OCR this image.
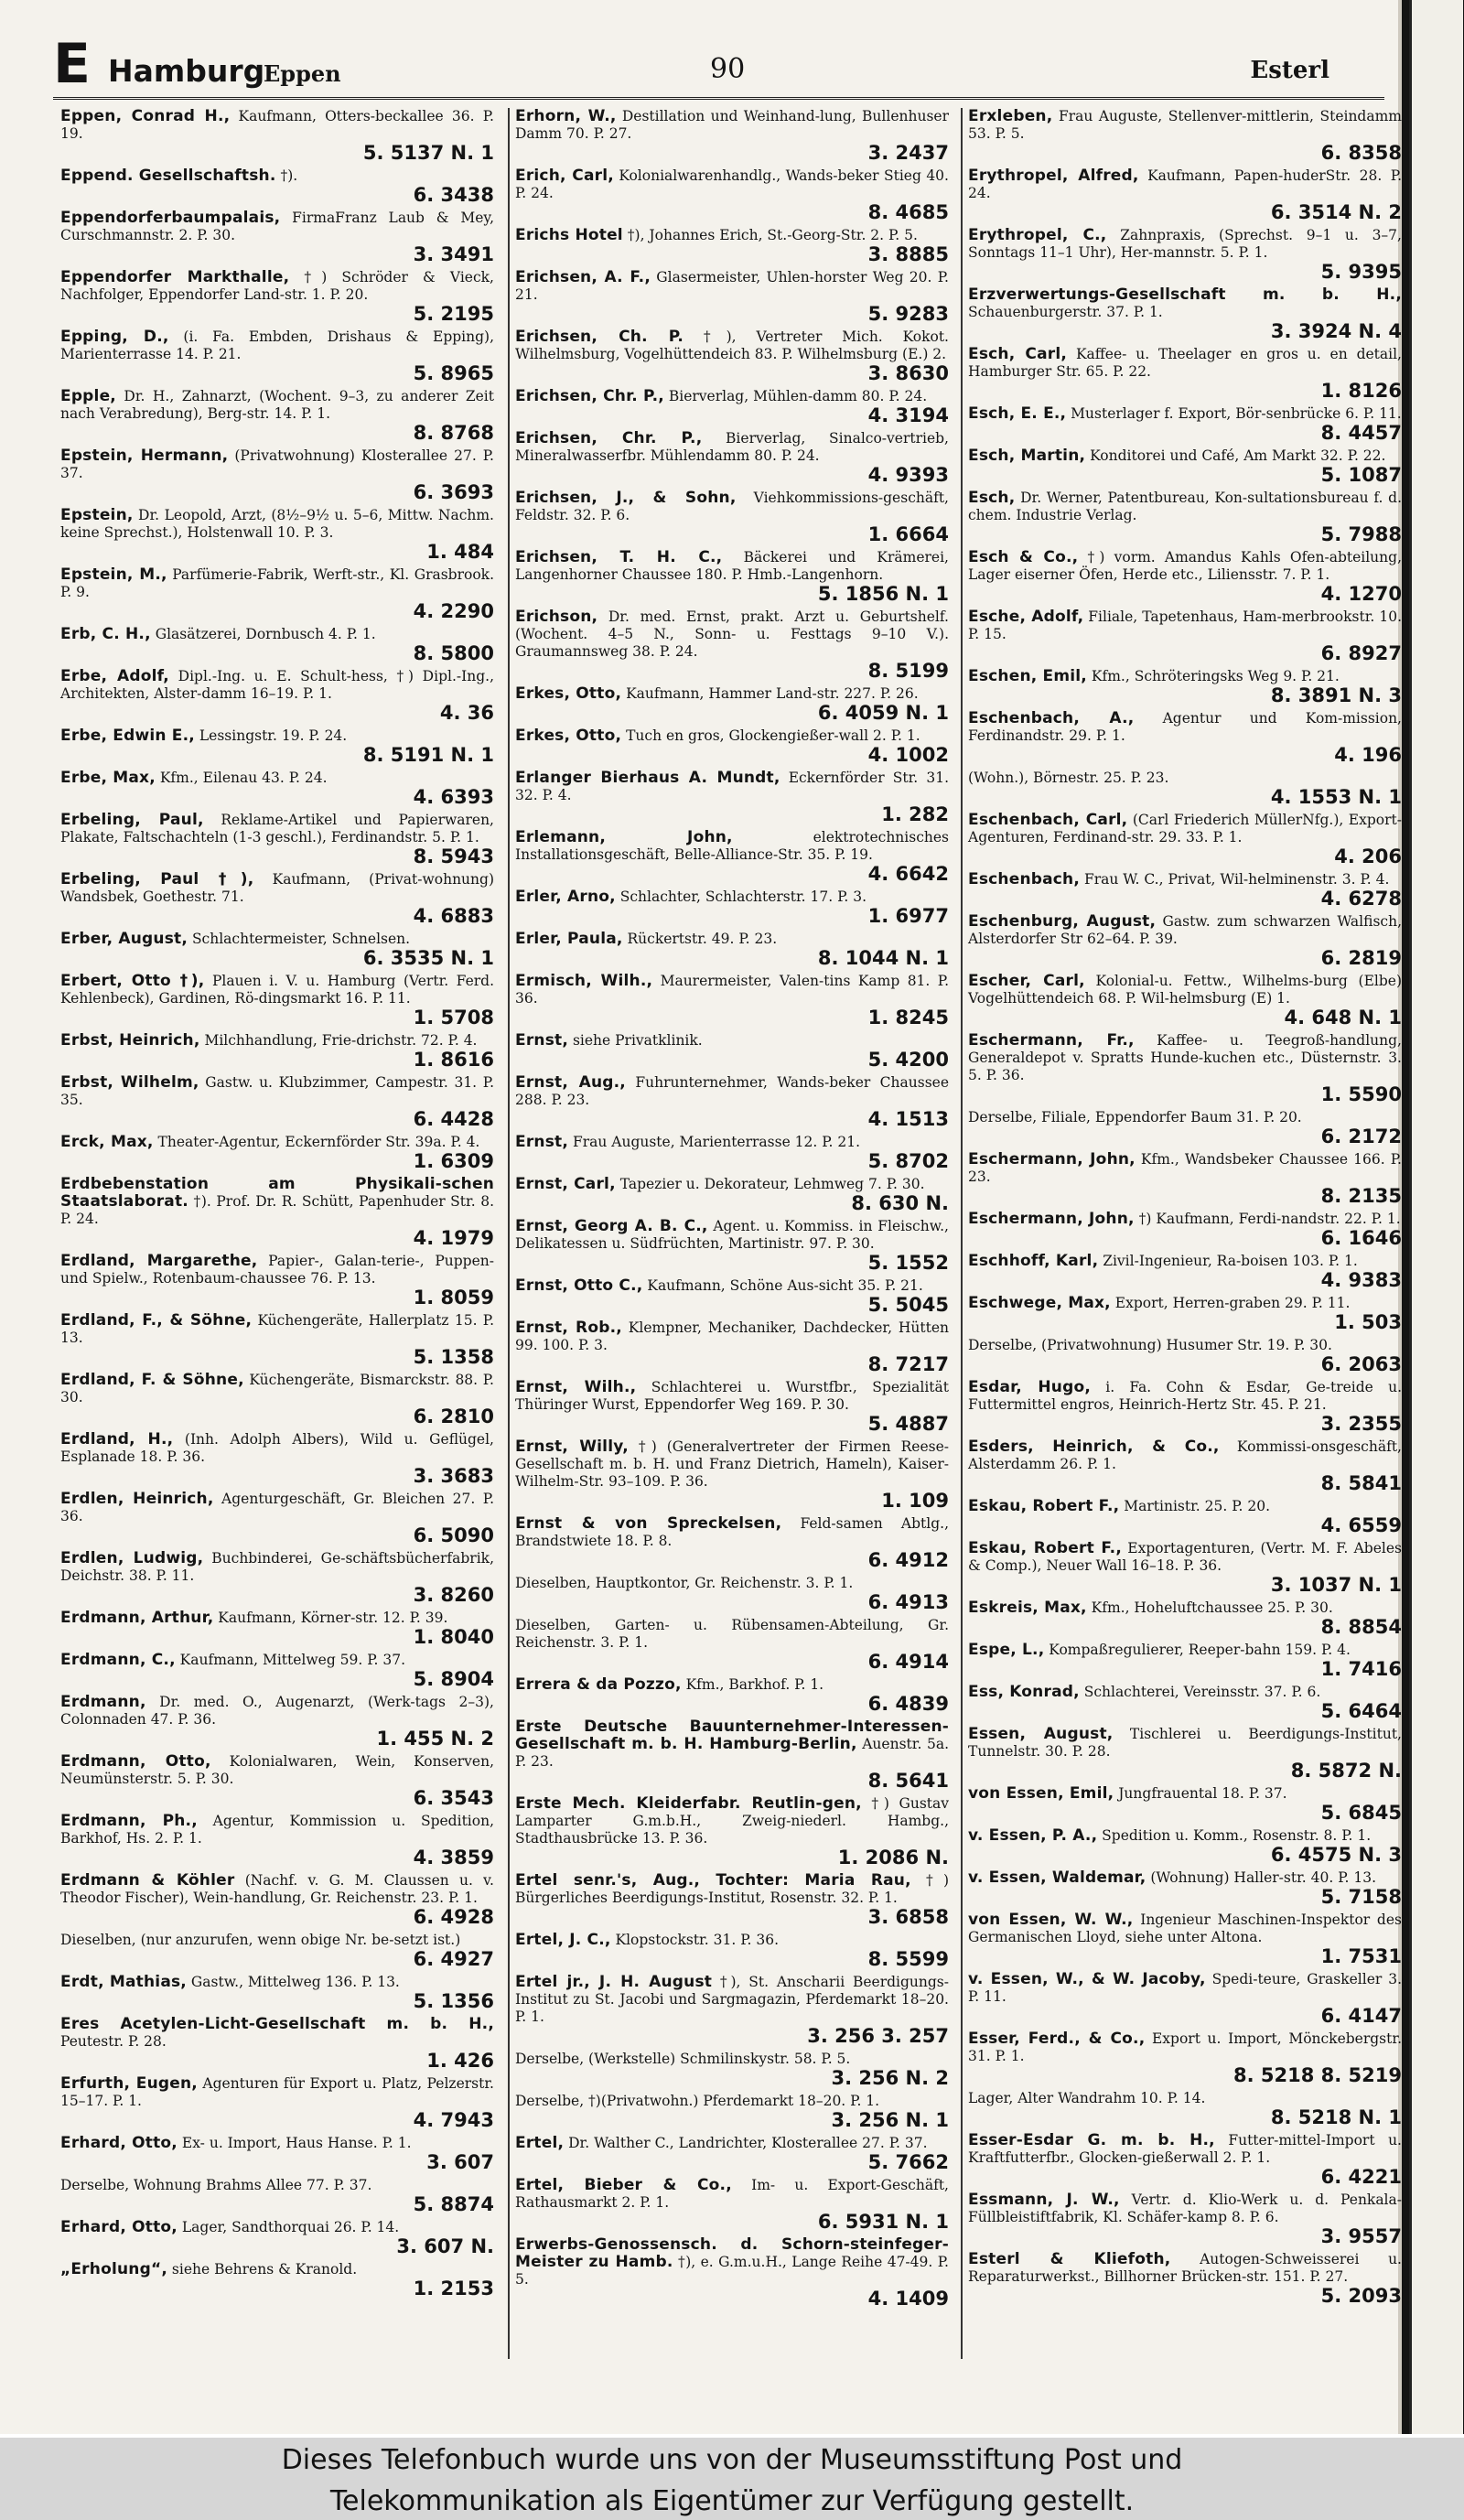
E Hamburg
Eppen	90	Esterl
Eppen, Conrad H., Kaufmann, Otters-beckallee 36. P. 19.
5. 5137 N. 1
Eppend. Gesellschaftsh. †).
6. 3438
Eppendorferbaumpalais, FirmaFranz Laub & Mey, Curschmannstr. 2. P. 30.
3. 3491
Eppendorfer Markthalle, †) Schröder & Vieck, Nachfolger, Eppendorfer Land-str. 1. P. 20.
5. 2195
Epping, D., (i. Fa. Embden, Drishaus & Epping), Marienterrasse 14. P. 21.
5. 8965
Epple, Dr. H., Zahnarzt, (Wochent. 9–3, zu anderer Zeit nach Verabredung), Berg-str. 14. P. 1.
8. 8768
Epstein, Hermann, (Privatwohnung) Klosterallee 27. P. 37.
6. 3693
Epstein, Dr. Leopold, Arzt, (8½–9½ u. 5–6, Mittw. Nachm. keine Sprechst.), Holstenwall 10. P. 3.
1. 484
Epstein, M., Parfümerie-Fabrik, Werft-str., Kl. Grasbrook. P. 9.
4. 2290
Erb, C. H., Glasätzerei, Dornbusch 4. P. 1.
8. 5800
Erbe, Adolf, Dipl.-Ing. u. E. Schult-hess, †) Dipl.-Ing., Architekten, Alster-damm 16–19. P. 1.
4. 36
Erbe, Edwin E., Lessingstr. 19. P. 24.
8. 5191 N. 1
Erbe, Max, Kfm., Eilenau 43. P. 24.
4. 6393
Erbeling, Paul, Reklame-Artikel und Papierwaren, Plakate, Faltschachteln (1-3 geschl.), Ferdinandstr. 5. P. 1.
8. 5943
Erbeling, Paul †), Kaufmann, (Privat-wohnung) Wandsbek, Goethestr. 71.
4. 6883
Erber, August, Schlachtermeister, Schnelsen.
6. 3535 N. 1
Erbert, Otto †), Plauen i. V. u. Hamburg (Vertr. Ferd. Kehlenbeck), Gardinen, Rö-dingsmarkt 16. P. 11.
1. 5708
Erbst, Heinrich, Milchhandlung, Frie-drichstr. 72. P. 4.
1. 8616
Erbst, Wilhelm, Gastw. u. Klubzimmer, Campestr. 31. P. 35.
6. 4428
Erck, Max, Theater-Agentur, Eckernförder Str. 39a. P. 4.
1. 6309
Erdbebenstation am Physikali-schen Staatslaborat. †). Prof. Dr. R. Schütt, Papenhuder Str. 8. P. 24.
4. 1979
Erdland, Margarethe, Papier-, Galan-terie-, Puppen- und Spielw., Rotenbaum-chaussee 76. P. 13.
1. 8059
Erdland, F., & Söhne, Küchengeräte, Hallerplatz 15. P. 13.
5. 1358
Erdland, F. & Söhne, Küchengeräte, Bismarckstr. 88. P. 30.
6. 2810
Erdland, H., (Inh. Adolph Albers), Wild u. Geflügel, Esplanade 18. P. 36.
3. 3683
Erdlen, Heinrich, Agenturgeschäft, Gr. Bleichen 27. P. 36.
6. 5090
Erdlen, Ludwig, Buchbinderei, Ge-schäftsbücherfabrik, Deichstr. 38. P. 11.
3. 8260
Erdmann, Arthur, Kaufmann, Körner-str. 12. P. 39.
1. 8040
Erdmann, C., Kaufmann, Mittelweg 59. P. 37.
5. 8904
Erdmann, Dr. med. O., Augenarzt, (Werk-tags 2–3), Colonnaden 47. P. 36.
1. 455 N. 2
Erdmann, Otto, Kolonialwaren, Wein, Konserven, Neumünsterstr. 5. P. 30.
6. 3543
Erdmann, Ph., Agentur, Kommission u. Spedition, Barkhof, Hs. 2. P. 1.
4. 3859
Erdmann & Köhler (Nachf. v. G. M. Claussen u. v. Theodor Fischer), Wein-handlung, Gr. Reichenstr. 23. P. 1.
6. 4928
Dieselben, (nur anzurufen, wenn obige Nr. be-setzt ist.)
6. 4927
Erdt, Mathias, Gastw., Mittelweg 136. P. 13.
5. 1356
Eres Acetylen-Licht-Gesellschaft m. b. H., Peutestr. P. 28.
1. 426
Erfurth, Eugen, Agenturen für Export u. Platz, Pelzerstr. 15–17. P. 1.
4. 7943
Erhard, Otto, Ex- u. Import, Haus Hanse. P. 1.
3. 607
Derselbe, Wohnung Brahms Allee 77. P. 37.
5. 8874
Erhard, Otto, Lager, Sandthorquai 26. P. 14.
3. 607 N.
„Erholung“, siehe Behrens & Kranold.
1. 2153
Erhorn, W., Destillation und Weinhand-lung, Bullenhuser Damm 70. P. 27.
3. 2437
Erich, Carl, Kolonialwarenhandlg., Wands-beker Stieg 40. P. 24.
8. 4685
Erichs Hotel †), Johannes Erich, St.-Georg-Str. 2. P. 5.
3. 8885
Erichsen, A. F., Glasermeister, Uhlen-horster Weg 20. P. 21.
5. 9283
Erichsen, Ch. P. †), Vertreter Mich. Kokot. Wilhelmsburg, Vogelhüttendeich 83. P. Wilhelmsburg (E.) 2.
3. 8630
Erichsen, Chr. P., Bierverlag, Mühlen-damm 80. P. 24.
4. 3194
Erichsen, Chr. P., Bierverlag, Sinalco-vertrieb, Mineralwasserfbr. Mühlendamm 80. P. 24.
4. 9393
Erichsen, J., & Sohn, Viehkommissions-geschäft, Feldstr. 32. P. 6.
1. 6664
Erichsen, T. H. C., Bäckerei und Krämerei, Langenhorner Chaussee 180. P. Hmb.-Langenhorn.
5. 1856 N. 1
Erichson, Dr. med. Ernst, prakt. Arzt u. Geburtshelf. (Wochent. 4–5 N., Sonn- u. Festtags 9–10 V.). Graumannsweg 38. P. 24.
8. 5199
Erkes, Otto, Kaufmann, Hammer Land-str. 227. P. 26.
6. 4059 N. 1
Erkes, Otto, Tuch en gros, Glockengießer-wall 2. P. 1.
4. 1002
Erlanger Bierhaus A. Mundt, Eckernförder Str. 31. 32. P. 4.
1. 282
Erlemann, John,	elektrotechnisches Installationsgeschäft, Belle-Alliance-Str. 35. P. 19.
4. 6642
Erler, Arno, Schlachter, Schlachterstr. 17. P. 3.
1. 6977
Erler, Paula, Rückertstr. 49. P. 23.
8. 1044 N. 1
Ermisch, Wilh., Maurermeister, Valen-tins Kamp 81. P. 36.
1. 8245
Ernst, siehe Privatklinik.
5. 4200
Ernst, Aug., Fuhrunternehmer, Wands-beker Chaussee 288. P. 23.
4. 1513
Ernst, Frau Auguste, Marienterrasse 12. P. 21.
5. 8702
Ernst, Carl, Tapezier u. Dekorateur, Lehmweg 7. P. 30.
8. 630 N.
Ernst, Georg A. B. C., Agent. u. Kommiss. in Fleischw., Delikatessen u. Südfrüchten, Martinistr. 97. P. 30.
5. 1552
Ernst, Otto C., Kaufmann, Schöne Aus-sicht 35. P. 21.
5. 5045
Ernst, Rob., Klempner, Mechaniker, Dachdecker, Hütten 99. 100. P. 3.
8. 7217
Ernst, Wilh., Schlachterei u. Wurstfbr., Spezialität Thüringer Wurst, Eppendorfer Weg 169. P. 30.
5. 4887
Ernst, Willy, †) (Generalvertreter der Firmen Reese-Gesellschaft m. b. H. und Franz Dietrich, Hameln), Kaiser-Wilhelm-Str. 93–109. P. 36.
1. 109
Ernst & von Spreckelsen, Feld-samen Abtlg., Brandstwiete 18. P. 8.
6. 4912
Dieselben, Hauptkontor, Gr. Reichenstr. 3. P. 1.
6. 4913
Dieselben, Garten- u. Rübensamen-Abteilung, Gr. Reichenstr. 3. P. 1.
6. 4914
Errera & da Pozzo, Kfm., Barkhof. P. 1.
6. 4839
Erste Deutsche Bauunternehmer-Interessen-Gesellschaft m. b. H. Hamburg-Berlin, Auenstr. 5a. P. 23.
8. 5641
Erste Mech. Kleiderfabr. Reutlin-gen, †) Gustav Lamparter G.m.b.H., Zweig-niederl. Hambg., Stadthausbrücke 13. P. 36.
1. 2086 N.
Ertel senr.'s, Aug., Tochter: Maria Rau, †) Bürgerliches Beerdigungs-Institut, Rosenstr. 32. P. 1.
3. 6858
Ertel, J. C., Klopstockstr. 31. P. 36.
8. 5599
Ertel jr., J. H. August †), St. Anscharii Beerdigungs-Institut zu St. Jacobi und Sargmagazin, Pferdemarkt 18–20. P. 1.
3. 256 3. 257
Derselbe, (Werkstelle) Schmilinskystr. 58. P. 5.
3. 256 N. 2
Derselbe, †)(Privatwohn.) Pferdemarkt 18–20. P. 1.
3. 256 N. 1
Ertel, Dr. Walther C., Landrichter, Klosterallee 27. P. 37.
5. 7662
Ertel, Bieber & Co., Im- u. Export-Geschäft, Rathausmarkt 2. P. 1.
6. 5931 N. 1
Erwerbs-Genossensch. d. Schorn-steinfeger-Meister zu Hamb. †), e. G.m.u.H., Lange Reihe 47-49. P. 5.
4. 1409
Erxleben, Frau Auguste, Stellenver-mittlerin, Steindamm 53. P. 5.
6. 8358
Erythropel, Alfred, Kaufmann, Papen-huderStr. 28. P. 24.
6. 3514 N. 2
Erythropel, C., Zahnpraxis, (Sprechst. 9–1 u. 3–7, Sonntags 11–1 Uhr), Her-mannstr. 5. P. 1.
5. 9395
Erzverwertungs-Gesellschaft m. b. H., Schauenburgerstr. 37. P. 1.
3. 3924 N. 4
Esch, Carl, Kaffee- u. Theelager en gros u. en detail, Hamburger Str. 65. P. 22.
1. 8126
Esch, E. E., Musterlager f. Export, Bör-senbrücke 6. P. 11.
8. 4457
Esch, Martin, Konditorei und Café, Am Markt 32. P. 22.
5. 1087
Esch, Dr. Werner, Patentbureau, Kon-sultationsbureau f. d. chem. Industrie Verlag.
5. 7988
Esch & Co., †) vorm. Amandus Kahls Ofen-abteilung, Lager eiserner Öfen, Herde etc., Liliensstr. 7. P. 1.
4. 1270
Esche, Adolf, Filiale, Tapetenhaus, Ham-merbrookstr. 10. P. 15.
6. 8927
Eschen, Emil, Kfm., Schröteringsks Weg 9. P. 21.
8. 3891 N. 3
Eschenbach, A., Agentur und Kom-mission, Ferdinandstr. 29. P. 1.
4. 196
(Wohn.), Börnestr. 25. P. 23.
4. 1553 N. 1
Eschenbach, Carl, (Carl Friederich MüllerNfg.), Export-Agenturen, Ferdinand-str. 29. 33. P. 1.
4. 206
Eschenbach, Frau W. C., Privat, Wil-helminenstr. 3. P. 4.
4. 6278
Eschenburg, August, Gastw. zum schwarzen Walfisch, Alsterdorfer Str 62–64. P. 39.
6. 2819
Escher, Carl, Kolonial-u. Fettw., Wilhelms-burg (Elbe) Vogelhüttendeich 68. P. Wil-helmsburg (E) 1.
4. 648 N. 1
Eschermann, Fr., Kaffee- u. Teegroß-handlung, Generaldepot v. Spratts Hunde-kuchen etc., Düsternstr. 3. 5. P. 36.
1. 5590
Derselbe, Filiale, Eppendorfer Baum 31. P. 20.
6. 2172
Eschermann, John, Kfm., Wandsbeker Chaussee 166. P. 23.
8. 2135
Eschermann, John, †) Kaufmann, Ferdi-nandstr. 22. P. 1.
6. 1646
Eschhoff, Karl, Zivil-Ingenieur, Ra-boisen 103. P. 1.
4. 9383
Eschwege, Max, Export, Herren-graben 29. P. 11.
1. 503
Derselbe, (Privatwohnung) Husumer Str. 19. P. 30.
6. 2063
Esdar, Hugo, i. Fa. Cohn & Esdar, Ge-treide u. Futtermittel engros, Heinrich-Hertz Str. 45. P. 21.
3. 2355
Esders, Heinrich, & Co., Kommissi-onsgeschäft, Alsterdamm 26. P. 1.
8. 5841
Eskau, Robert F., Martinistr. 25. P. 20.
4. 6559
Eskau, Robert F., Exportagenturen, (Vertr. M. F. Abeles & Comp.), Neuer Wall 16–18. P. 36.
3. 1037 N. 1
Eskreis, Max, Kfm., Hoheluftchaussee 25. P. 30.
8. 8854
Espe, L., Kompaßregulierer, Reeper-bahn 159. P. 4.
1. 7416
Ess, Konrad, Schlachterei, Vereinsstr. 37. P. 6.
5. 6464
Essen, August, Tischlerei u. Beerdigungs-Institut, Tunnelstr. 30. P. 28.
8. 5872 N.
von Essen, Emil, Jungfrauental 18. P. 37.
5. 6845
v. Essen, P. A., Spedition u. Komm., Rosenstr. 8. P. 1.
6. 4575 N. 3
v. Essen, Waldemar, (Wohnung) Haller-str. 40. P. 13.
5. 7158
von Essen, W. W., Ingenieur Maschinen-Inspektor des Germanischen Lloyd, siehe unter Altona.
1. 7531
v. Essen, W., & W. Jacoby, Spedi-teure, Graskeller 3. P. 11.
6. 4147
Esser, Ferd., & Co., Export u. Import, Mönckebergstr. 31. P. 1.
8. 5218 8. 5219
Lager, Alter Wandrahm 10. P. 14.
8. 5218 N. 1
Esser-Esdar G. m. b. H., Futter-mittel-Import u. Kraftfutterfbr., Glocken-gießerwall 2. P. 1.
6. 4221
Essmann, J. W., Vertr. d. Klio-Werk u. d. Penkala-Füllbleistiftfabrik, Kl. Schäfer-kamp 8. P. 6.
3. 9557
Esterl & Kliefoth, Autogen-Schweisserei u. Reparaturwerkst., Billhorner Brücken-str. 151. P. 27.
5. 2093
Dieses Telefonbuch wurde uns von der Museumsstiftung Post und
Telekommunikation als Eigentümer zur Verfügung gestellt.
